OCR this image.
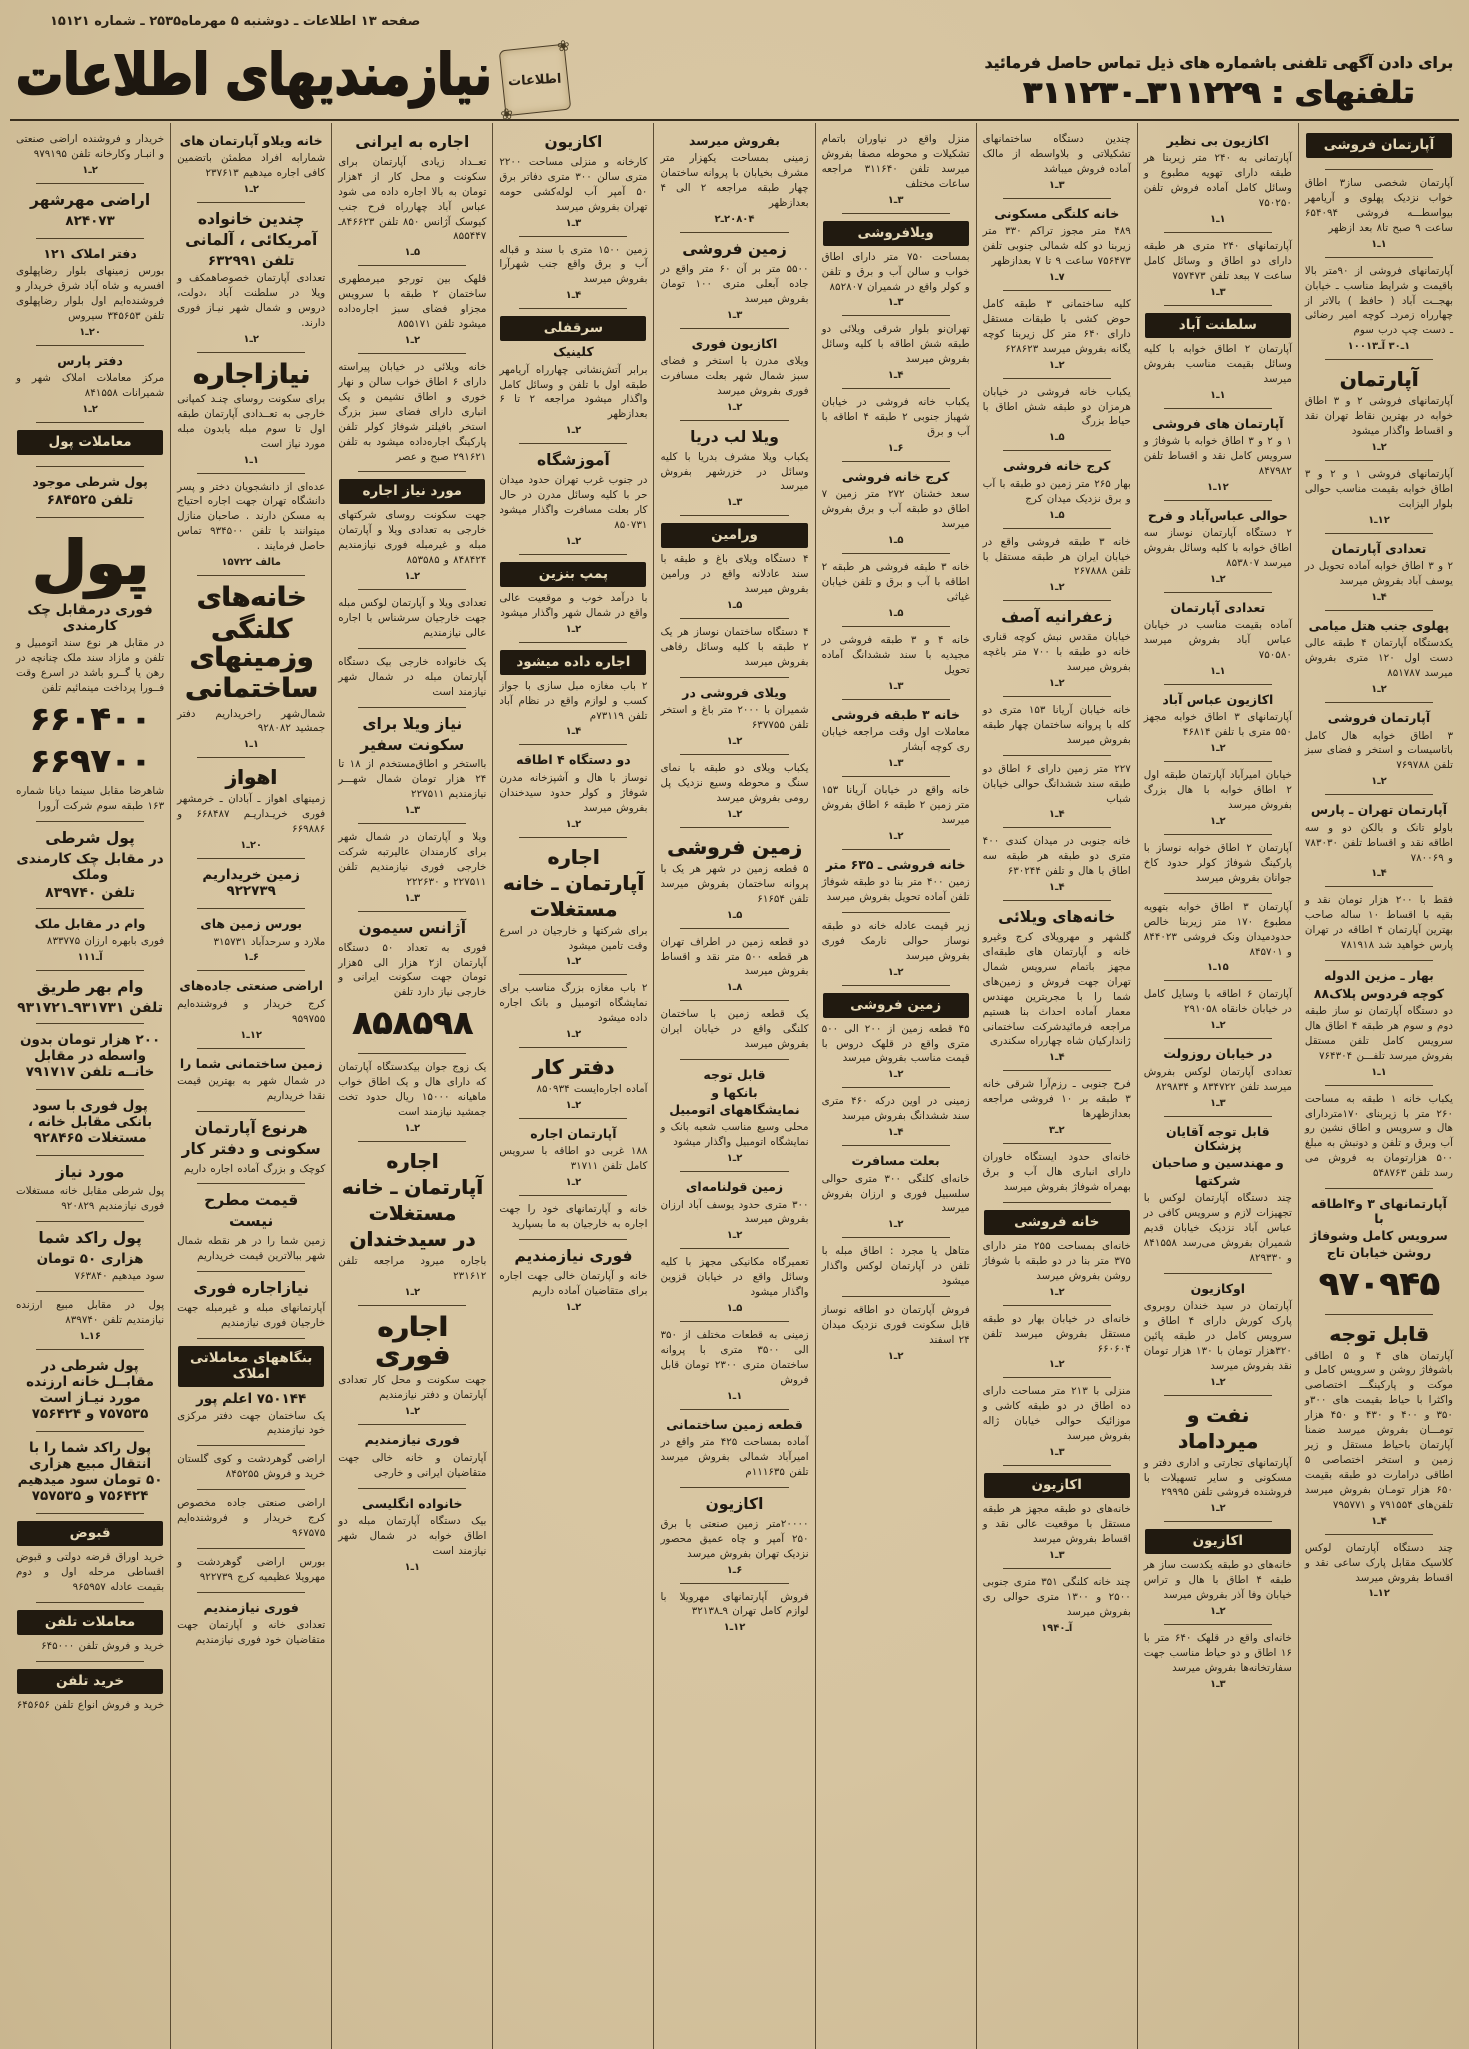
صفحه ۱۳ اطلاعات ـ دوشنبه ۵ مهرماه۲۵۳۵ ـ شماره ۱۵۱۲۱
برای دادن آگهی تلفنی باشماره های ذیل تماس حاصل فرمائید
تلفنهای : ۳۱۱۲۲۹ـ۳۱۱۲۳۰
❀
اطلاعات
❀
نیازمندیهای اطلاعات
آپارتمان فروشی
آپارتمان شخصی ساز۳ اطاق خواب نزدیک پهلوی و آریامهر بیواسطـــه فروشی ۶۵۴۰۹۴ ساعت ۹ صبح تا۸ بعد ازظهر
۱ـ۱
آپارتمانهای فروشی از ۹۰متر بالا باقیمت و شرایط مناسب ـ خیابان بهجــت آباد ( حافظ ) بالاتر از چهارراه زمردـ کوچه امیر رضائی ـ دست چپ درب سوم
۱ـ۳۰ آـ۱۰۰۱۳
آپارتمان
آپارتمانهای فروشی ۲ و ۳ اطاق خوابه در بهترین نقاط تهران نقد و اقساط واگذار میشود
۲ـ۱
آپارتمانهای فروشی ۱ و ۲ و ۳ اطاق خوابه بقیمت مناسب حوالی بلوار الیزابت
۱۲ـ۱
تعدادی آپارتمان
۲ و ۳ اطاق خوابه آماده تحویل در یوسف آباد بفروش میرسد
۴ـ۱
پهلوی جنب هتل میامی
یکدستگاه آپارتمان ۴ طبقه عالی دست اول ۱۲۰ متری بفروش میرسد ۸۵۱۷۸۷
۲ـ۱
آپارتمان فروشی
۳ اطاق خوابه هال کامل باتاسیسات و استخر و فضای سبز تلفن ۷۶۹۷۸۸
۲ـ۱
آپارتمان تهران ـ پارس
باولو تانک و بالکن دو و سه اطاقه نقد و اقساط تلفن ۷۸۳۰۳۰ و ۷۸۰۰۶۹
۴ـ۱
فقط با ۲۰۰ هزار تومان نقد و بقیه با اقساط ۱۰ ساله صاحب بهترین آپارتمان ۴ اطاقه در تهران پارس خواهید شد ۷۸۱۹۱۸
بهار ـ مزین الدوله
کوچه فردوس پلاک۸۸
دو دستگاه آپارتمان نو ساز طبقه دوم و سوم هر طبقه ۴ اطاق هال سرویس کامل تلفن مستقل بفروش میرسد تلفـــن ۷۶۴۳۰۴
۱ـ۱
یکباب خانه ۱ طبقه به مساحت ۲۶۰ متر با زیربنای ۱۷۰متردارای هال و سرویس و اطاق نشین رو آب وبرق و تلفن و دونبش به مبلغ ۵۰۰ هزارتومان به فروش می رسد تلفن ۵۴۸۷۶۳
آپارتمانهای ۳ و۴اطاقه با
سرویس کامل وشوفاژ
روشن خیابان تاج
۹۷۰۹۴۵
قابل توجه
آپارتمان های ۴ و ۵ اطاقی باشوفاژ روشن و سرویس کامل و موکت و پارکینگـــ اختصاصی واکثرا با حیاط بقیمت های ۳۰۰و ۳۵۰ و ۴۰۰ و ۴۳۰ و ۴۵۰ هزار تومـــان بفروش میرسد ضمنا آپارتمان باحیاط مستقل و زیر زمین و استخر اختصاصی ۵ اطاقی درامارت دو طبقه بقیمت ۶۵۰ هزار تومـان بفروش میرسد تلفن‌های ۷۹۱۵۵۴ و ۷۹۵۷۷۱
۴ـ۱
چند دستگاه آپارتمان لوکس کلاسیک مقابل پارک ساعی نقد و اقساط بفروش میرسد
۱۲ـ۱
اکازیون بی نظیر
آپارتمانی به ۲۴۰ متر زیربنا هر طبقه دارای تهویه مطبوع و وسائل کامل آماده فروش تلفن ۷۵۰۲۵۰
۱ـ۱
آپارتمانهای ۲۴۰ متری هر طبقه دارای دو اطاق و وسائل کامل ساعت ۷ ببعد تلفن ۷۵۷۴۷۳
۳ـ۱
سلطنت آباد
آپارتمان ۲ اطاق خوابه با کلیه وسائل بقیمت مناسب بفروش میرسد
۱ـ۱
آپارتمان های فروشی
۱ و ۲ و ۳ اطاق خوابه با شوفاژ و سرویس کامل نقد و اقساط تلفن ۸۴۷۹۸۲
۱۲ـ۱
حوالی عباس‌آباد و فرح
۲ دستگاه آپارتمان نوساز سه اطاق خوابه با کلیه وسائل بفروش میرسد ۸۵۳۸۰۷
۲ـ۱
تعدادی آپارتمان
آماده بقیمت مناسب در خیابان عباس آباد بفروش میرسد ۷۵۰۵۸۰
۱ـ۱
اکازیون عباس آباد
آپارتمانهای ۳ اطاق خوابه مجهز ۵۵۰ متری با تلفن ۴۶۸۱۴
۲ـ۱
خیابان امیرآباد آپارتمان طبقه اول ۲ اطاق خوابه با هال بزرگ بفروش میرسد
۲ـ۱
آپارتمان ۲ اطاق خوابه نوساز با پارکینگ شوفاژ کولر حدود کاخ جوانان بفروش میرسد
آپارتمان ۳ اطاق خوابه بتهویه مطبوع ۱۷۰ متر زیربنا خالص حدودمیدان ونک فروشی ۸۴۴۰۲۳ و ۸۴۵۷۰۱
۱۵ـ۱
آپارتمان ۶ اطاقه با وسایل کامل در خیابان خانقاه ۲۹۱۰۵۸
۲ـ۱
در خیابان روزولت
تعدادی آپارتمان لوکس بفروش میرسد تلفن ۸۳۴۷۲۲ و ۸۲۹۸۳۴
۳ـ۱
قابل توجه آقایان پزشکان
و مهندسین و صاحبان
شرکتها
چند دستگاه آپارتمان لوکس با تجهیزات لازم و سرویس کافی در عباس آباد نزدیک خیابان قدیم شمیران بفروش می‌رسد ۸۴۱۵۵۸ و ۸۲۹۳۳۰
اوکازیون
آپارتمان در سید خندان روبروی پارک کورش دارای ۴ اطاق و سرویس کامل در طبقه پائین ۳۲۰هزار تومان با ۱۳۰ هزار تومان نقد بفروش میرسد
۲ـ۱
نفت و
میرداماد
آپارتمانهای تجارتی و اداری دفتر و مسکونی و سایر تسهیلات با فروشنده فروشی تلفن ۲۹۹۹۵
۲ـ۱
اکازیون
خانه‌های دو طبقه یکدست ساز هر طبقه ۴ اطاق با هال و تراس خیابان وفا آذر بفروش میرسد
۲ـ۱
خانه‌ای واقع در قلهک ۶۴۰ متر با ۱۶ اطاق و دو حیاط مناسب جهت سفارتخانه‌ها بفروش میرسد
۳ـ۱
چندین دستگاه ساختمانهای تشکیلاتی و بلاواسطه از مالک آماده فروش میباشد
۳ـ۱
خانه کلنگی مسکونی
۴۸۹ متر مجوز تراکم ۳۳۰ متر زیربنا دو کله شمالی جنوبی تلفن ۷۵۶۴۷۳ ساعت ۹ تا ۷ بعدازظهر
۷ـ۱
کلیه ساختمانی ۳ طبقه کامل حوض کشی با طبقات مستقل دارای ۶۴۰ متر کل زیربنا کوچه یگانه بفروش میرسد ۶۲۸۶۲۳
۲ـ۱
یکباب خانه فروشی در خیابان هرمزان دو طبقه شش اطاق با حیاط بزرگ
۵ـ۱
کرج خانه فروشی
بهار ۲۶۵ متر زمین دو طبقه با آب و برق نزدیک میدان کرج
۵ـ۱
خانه ۳ طبقه فروشی واقع در خیابان ایران هر طبقه مستقل با تلفن ۲۶۷۸۸۸
۲ـ۱
زعفرانیه آصف
خیابان مقدس نبش کوچه قناری خانه دو طبقه با ۷۰۰ متر باغچه بفروش میرسد
۲ـ۱
خانه خیابان آریانا ۱۵۳ متری دو کله با پروانه ساختمان چهار طبقه بفروش میرسد
۲۲۷ متر زمین دارای ۶ اطاق دو طبقه سند ششدانگ حوالی خیابان شباب
۴ـ۱
خانه جنوبی در میدان کندی ۴۰۰ متری دو طبقه هر طبقه سه اطاق با هال و تلفن ۶۳۰۲۴۴
۴ـ۱
خانه‌های ویلائی
گلشهر و مهرویلای کرج وغیرو خانه و آپارتمان های طبقه‌ای مجهز باتمام سرویس شمال تهران جهت فروش و زمین‌های شما را با مجربترین مهندس معمار آماده احداث بنا هستیم مراجعه فرمائیدشرکت ساختمانی ژاندارکیان شاه چهارراه سکندری
۴ـ۱
فرح جنوبی ـ رزم‌آرا شرقی خانه ۳ طبقه بر ۱۰ فروشی مراجعه بعدازظهرها
۲ـ۳
خانه‌ای حدود ایستگاه خاوران دارای انباری هال آب و برق بهمراه شوفاژ بفروش میرسد
خانه فروشی
خانه‌ای بمساحت ۲۵۵ متر دارای ۳۷۵ متر بنا در دو طبقه با شوفاژ روشن بفروش میرسد
۲ـ۱
خانه‌ای در خیابان بهار دو طبقه مستقل بفروش میرسد تلفن ۶۶۰۶۰۴
۲ـ۱
منزلی با ۲۱۳ متر مساحت دارای ده اطاق در دو طبقه کاشی و موزائیک حوالی خیابان ژاله بفروش میرسد
۳ـ۱
اکازیون
خانه‌های دو طبقه مجهز هر طبقه مستقل با موقعیت عالی نقد و اقساط بفروش میرسد
۳ـ۱
چند خانه کلنگی ۳۵۱ متری جنوبی ۲۵۰۰ و ۱۳۰۰ متری حوالی ری بفروش میرسد
آـ۱۹۴۰
منزل واقع در نیاوران باتمام تشکیلات و محوطه مصفا بفروش میرسد تلفن ۳۱۱۶۴۰ مراجعه ساعات مختلف
۳ـ۱
ویلافروشی
بمساحت ۷۵۰ متر دارای اطاق خواب و سالن آب و برق و تلفن و کولر واقع در شمیران ۸۵۲۸۰۷
۳ـ۱
تهران‌نو بلوار شرقی ویلائی دو طبقه شش اطاقه با کلیه وسائل بفروش میرسد
۴ـ۱
یکباب خانه فروشی در خیابان شهباز جنوبی ۲ طبقه ۴ اطاقه با آب و برق
۶ـ۱
کرج خانه فروشی
سعد خشنان ۲۷۲ متر زمین ۷ اطاق دو طبقه آب و برق بفروش میرسد
۵ـ۱
خانه ۳ طبقه فروشی هر طبقه ۲ اطاقه با آب و برق و تلفن خیابان غیاثی
۵ـ۱
خانه ۴ و ۳ طبقه فروشی در مجیدیه با سند ششدانگ آماده تحویل
۳ـ۱
خانه ۳ طبقه فروشی
معاملات اول وقت مراجعه خیابان ری کوچه آبشار
۳ـ۱
خانه واقع در خیابان آریانا ۱۵۳ متر زمین ۲ طبقه ۶ اطاق بفروش میرسد
۲ـ۱
خانه فروشی ـ ۶۳۵ متر
زمین ۴۰۰ متر بنا دو طبقه شوفاژ تلفن آماده تحویل بفروش میرسد
زیر قیمت عادله خانه دو طبقه نوساز حوالی نارمک فوری بفروش میرسد
۲ـ۱
زمین فروشی
۴۵ قطعه زمین از ۲۰۰ الی ۵۰۰ متری واقع در قلهک دروس با قیمت مناسب بفروش میرسد
۲ـ۱
زمینی در اوین درکه ۴۶۰ متری سند ششدانگ بفروش میرسد
۴ـ۱
بعلت مسافرت
خانه‌ای کلنگی ۳۰۰ متری حوالی سلسبیل فوری و ارزان بفروش میرسد
۲ـ۱
متاهل یا مجرد : اطاق مبله با تلفن در آپارتمان لوکس واگذار میشود
فروش آپارتمان دو اطاقه نوساز قابل سکونت فوری نزدیک میدان ۲۴ اسفند
۲ـ۱
بفروش میرسد
زمینی بمساحت یکهزار متر مشرف بخیابان با پروانه ساختمان چهار طبقه مراجعه ۲ الی ۴ بعدازظهر
۲۰۸۰۴ـ۲
زمین فروشی
۵۵۰۰ متر بر آن ۶۰ متر واقع در جاده آبعلی متری ۱۰۰ تومان بفروش میرسد
۳ـ۱
اکازیون فوری
ویلای مدرن با استخر و فضای سبز شمال شهر بعلت مسافرت فوری بفروش میرسد
۲ـ۱
ویلا لب دریا
یکباب ویلا مشرف بدریا با کلیه وسائل در خزرشهر بفروش میرسد
۳ـ۱
ورامین
۴ دستگاه ویلای باغ و طبقه با سند عادلانه واقع در ورامین بفروش میرسد
۵ـ۱
۴ دستگاه ساختمان نوساز هر یک ۲ طبقه با کلیه وسائل رفاهی بفروش میرسد
ویلای فروشی در
شمیران با ۲۰۰۰ متر باغ و استخر تلفن ۶۳۷۷۵۵
۲ـ۱
یکباب ویلای دو طبقه با نمای سنگ و محوطه وسیع نزدیک پل رومی بفروش میرسد
۲ـ۱
زمین فروشی
۵ قطعه زمین در شهر هر یک با پروانه ساختمان بفروش میرسد تلفن ۶۱۶۵۴
۵ـ۱
دو قطعه زمین در اطراف تهران هر قطعه ۵۰۰ متر نقد و اقساط بفروش میرسد
۸ـ۱
یک قطعه زمین با ساختمان کلنگی واقع در خیابان ایران بفروش میرسد
قابل توجه
بانکها و
نمایشگاههای اتومبیل
محلی وسیع مناسب شعبه بانک و نمایشگاه اتومبیل واگذار میشود
۲ـ۱
زمین قولنامه‌ای
۳۰۰ متری حدود یوسف آباد ارزان بفروش میرسد
۲ـ۱
تعمیرگاه مکانیکی مجهز با کلیه وسائل واقع در خیابان قزوین واگذار میشود
۵ـ۱
زمینی به قطعات مختلف از ۳۵۰ الی ۳۵۰۰ متری با پروانه ساختمان متری ۲۳۰۰ تومان قابل فروش
۱ـ۱
قطعه زمین ساختمانی
آماده بمساحت ۴۲۵ متر واقع در امیرآباد شمالی بفروش میرسد تلفن ۱۱۱۶۳۵م
اکازیون
۲۰۰۰۰متر زمین صنعتی با برق ۲۵۰ آمپر و چاه عمیق محصور نزدیک تهران بفروش میرسد
۶ـ۱
فروش آپارتمانهای مهرویلا با لوازم کامل تهران ۹ـ۳۲۱۳۸
۱۲ـ۱
اکازیون
کارخانه و منزلی مساحت ۲۲۰۰ متری سالن ۳۰۰ متری دفاتر برق ۵۰ آمپر آب لوله‌کشی حومه تهران بفروش میرسد
۳ـ۱
زمین ۱۵۰۰ متری با سند و قباله آب و برق واقع جنب شهرآرا بفروش میرسد
۴ـ۱
سرقفلی
کلینیک
برابر آتش‌نشانی چهارراه آریامهر طبقه اول با تلفن و وسائل کامل واگذار میشود مراجعه ۲ تا ۶ بعدازظهر
۲ـ۱
آموزشگاه
در جنوب غرب تهران حدود میدان حر با کلیه وسائل مدرن در حال کار بعلت مسافرت واگذار میشود ۸۵۰۷۳۱
۲ـ۱
پمپ بنزین
با درآمد خوب و موقعیت عالی واقع در شمال شهر واگذار میشود
۲ـ۱
اجاره داده میشود
۲ باب مغازه مبل سازی با جواز کسب و لوازم واقع در نظام آباد تلفن ۷۳۱۱۹م
۴ـ۱
دو دستگاه ۴ اطاقه
نوساز با هال و آشپزخانه مدرن شوفاژ و کولر حدود سیدخندان بفروش میرسد
۲ـ۱
اجاره
آپارتمان ـ خانه
مستغلات
برای شرکتها و خارجیان در اسرع وقت تامین میشود
۲ـ۱
۲ باب مغازه بزرگ مناسب برای نمایشگاه اتومبیل و بانک اجاره داده میشود
۲ـ۱
دفتر کار
آماده اجاره‌ایست ۸۵۰۹۳۴
۲ـ۱
آپارتمان اجاره
۱۸۸ غربی دو اطاقه با سرویس کامل تلفن ۳۱۷۱۱
۲ـ۱
خانه و آپارتمانهای خود را جهت اجاره به خارجیان به ما بسپارید
فوری نیازمندیم
خانه و آپارتمان خالی جهت اجاره برای متقاضیان آماده داریم
۲ـ۱
اجاره به ایرانی
تعــداد زیادی آپارتمان برای سکونت و محل کار از ۴هزار تومان به بالا اجاره داده می شود عباس آباد چهارراه فرح جنب کیوسک آژانس ۸۵۰ تلفن ۸۴۶۶۲۳ـ ۸۵۵۴۴۷
۵ـ۱
قلهک بین تورجو میرمطهری ساختمان ۲ طبقه با سرویس مجزاو فضای سبز اجاره‌داده میشود تلفن ۸۵۵۱۷۱
۲ـ۱
خانه ویلائی در خیابان پیراسته دارای ۶ اطاق خواب سالن و نهار خوری و اطاق نشیمن و یک انباری دارای فضای سبز بزرگ استخر بافیلتر شوفاژ کولر تلفن پارکینگ اجاره‌داده میشود به تلفن ۲۹۱۶۲۱ صبح و عصر
مورد نیاز اجاره
جهت سکونت روسای شرکتهای خارجی به تعدادی ویلا و آپارتمان مبله و غیرمبله فوری نیازمندیم ۸۴۸۴۲۴ و ۸۵۳۵۸۵
۲ـ۱
تعدادی ویلا و آپارتمان لوکس مبله جهت خارجیان سرشناس با اجاره عالی نیازمندیم
یک خانواده خارجی بیک دستگاه آپارتمان مبله در شمال شهر نیازمند است
نیاز ویلا برای
سکونت سفیر
بااستخر و اطاق‌مستخدم از ۱۸ تا ۲۴ هزار تومان شمال شهـــر نیازمندیم ۲۲۷۵۱۱
۳ـ۱
ویلا و آپارتمان در شمال شهر برای کارمندان عالیرتبه شرکت خارجی فوری نیازمندیم تلفن ۲۲۷۵۱۱ و ۲۲۲۶۳۰
۳ـ۱
آژانس سیمون
فوری به تعداد ۵۰ دستگاه آپارتمان از۲ هزار الی ۵هزار تومان جهت سکونت ایرانی و خارجی نیاز دارد تلفن
۸۵۸۵۹۸
یک زوج جوان بیکدستگاه آپارتمان که دارای هال و یک اطاق خواب ماهیانه ۱۵۰۰۰ ریال حدود تخت جمشید نیازمند است
۲ـ۱
اجاره
آپارتمان ـ خانه
مستغلات
در سیدخندان
باجاره میرود مراجعه تلفن ۲۳۱۶۱۲
۲ـ۱
اجاره فوری
جهت سکونت و محل کار تعدادی آپارتمان و دفتر نیازمندیم
۲ـ۱
فوری نیازمندیم
آپارتمان و خانه خالی جهت متقاضیان ایرانی و خارجی
خانواده انگلیسی
بیک دستگاه آپارتمان مبله دو اطاق خوابه در شمال شهر نیازمند است
۱ـ۱
خانه ویلاو آپارتمان های
شمارابه افراد مطمئن باتضمین کافی اجاره میدهیم ۲۳۷۶۱۳
۲ـ۱
چندین خانواده
آمریکائی ، آلمانی
تلفن ۶۳۲۹۹۱
تعدادی آپارتمان خصوصاهمکف و ویلا در سلطنت آباد ،دولت، دروس و شمال شهر نیـاز فوری دارند.
۲ـ۱
نیازاجاره
برای سکونت روسای چنـد کمپانی خارجی به تعــدادی آپارتمان طبقه اول تا سوم مبله یابدون مبله مورد نیاز است
۱ـ۱
عده‌ای از دانشجویان دختر و پسر دانشگاه تهران جهت اجاره احتیاج به مسکن دارند . صاحبان منازل میتوانند با تلفن ۹۳۴۵۰۰ تماس حاصل فرمایند .
مالف ۱۵۷۲۲
خانه‌های
کلنگی وزمینهای
ساختمانی
شمال‌شهر راخریداریم دفتر جمشید ۹۲۸۰۸۲
۱ـ۱
اهواز
زمینهای اهواز ـ آبادان ـ خرمشهر فوری خریـداریـم ۶۶۸۴۸۷ و ۶۶۹۸۸۶
۲۰ـ۱
زمین خریداریم ۹۲۲۷۳۹
بورس زمین های
ملارد و سرحدآباد ۳۱۵۷۳۱
۶ـ۱
اراضی صنعتی جاده‌های
کرج خریدار و فروشنده‌ایم ۹۵۹۷۵۵
۱۲ـ۱
زمین ساختمانی شما را
در شمال شهر به بهترین قیمت نقدا خریداریم
هرنوع آپارتمان
سکونی و دفتر کار
کوچک و بزرگ آماده اجاره داریم
قیمت مطرح
نیست
زمین شما را در هر نقطه شمال شهر ببالاترین قیمت خریداریم
نیازاجاره فوری
آپارتمانهای مبله و غیرمبله جهت خارجیان فوری نیازمندیم
بنگاههای معاملاتی املاک
۷۵۰۱۴۴ اعلم پور
یک ساختمان جهت دفتر مرکزی خود نیازمندیم
اراضی گوهردشت و کوی گلستان خرید و فروش ۸۴۵۲۵۵
اراضی صنعتی جاده مخصوص کرج خریدار و فروشنده‌ایم ۹۶۷۵۷۵
بورس اراضی گوهردشت و مهرویلا عظیمیه کرج ۹۲۲۷۳۹
فوری نیازمندیم
تعدادی خانه و آپارتمان جهت متقاضیان خود فوری نیازمندیم
خریدار و فروشنده اراضی صنعتی و انبـار وکارخانه تلفن ۹۷۹۱۹۵
۲ـ۱
اراضی مهرشهر
۸۲۴۰۷۳
دفتر املاک ۱۲۱
بورس زمینهای بلوار رضاپهلوی افسریه و شاه آباد شرق خریدار و فروشنده‌ایم اول بلوار رضاپهلوی تلفن ۳۴۵۶۵۳ سیروس
۲۰ـ۱
دفتر پارس
مرکز معاملات املاک شهر و شمیرانات ۸۴۱۵۵۸
۲ـ۱
معاملات پول
پول شرطی موجود
تلفن ۶۸۴۵۲۵
پول
فوری درمقابل چک کارمندی
در مقابل هر نوع سند اتومبیل و تلفن و مازاد سند ملک چنانچه در رهن یا گــرو باشد در اسرع وقت فــورا پرداخت مینمائیم تلفن
۶۶۰۴۰۰
۶۶۹۷۰۰
شاهرضا مقابل سینما دیانا شماره ۱۶۳ طبقه سوم شرکت آرورا
پول شرطی
در مقابل چک کارمندی وملک
تلفن ۸۳۹۷۴۰
وام در مقابل ملک
فوری بابهره ارزان ۸۳۳۷۷۵
آـ۱۱۱
وام بهر طریق
تلفن ۹۳۱۷۳۱ـ۹۳۱۷۲۱
۲۰۰ هزار تومان بدون واسطه در مقابل خانــه تلفن ۷۹۱۷۱۷
پول فوری با سود بانکی مقابل خانه ، مستغلات ۹۲۸۴۶۵
مورد نیاز
پول شرطی مقابل خانه مستغلات فوری نیازمندیم ۹۲۰۸۲۹
پول راکد شما
هزاری ۵۰ تومان
سود میدهیم ۷۶۳۸۴۰
پول در مقابل مبیع ارزنده نیازمندیم تلفن ۸۳۹۷۴۰
۱۶ـ۱
پول شرطی در مقابــل خانه ارزنده مورد نیـاز است ۷۵۷۵۳۵ و ۷۵۶۴۲۴
پول راکد شما را با انتقال مبیع هزاری ۵۰ تومان سود میدهیم ۷۵۶۴۲۴ و ۷۵۷۵۳۵
قبوض
خرید اوراق قرضه دولتی و قبوض اقساطی مرحله اول و دوم بقیمت عادله ۹۶۵۹۵۷
معاملات تلفن
خرید و فروش تلفن ۶۴۵۰۰۰
خرید تلفن
خرید و فروش انواع تلفن ۶۴۵۶۵۶
